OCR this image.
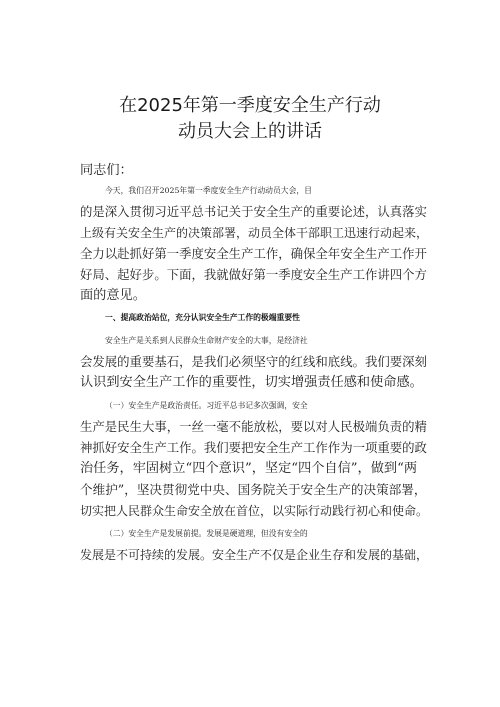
在2025年第一季度安全生产行动
动员大会上的讲话
同志们：
今天，我们召开2025年第一季度安全生产行动动员大会，目
的是深入贯彻习近平总书记关于安全生产的重要论述，认真落实
上级有关安全生产的决策部署，动员全体干部职工迅速行动起来，
全力以赴抓好第一季度安全生产工作，确保全年安全生产工作开
好局、起好步。下面，我就做好第一季度安全生产工作讲四个方
面的意见。
一、提高政治站位，充分认识安全生产工作的极端重要性
安全生产是关系到人民群众生命财产安全的大事，是经济社
会发展的重要基石，是我们必须坚守的红线和底线。我们要深刻
认识到安全生产工作的重要性，切实增强责任感和使命感。
（一）安全生产是政治责任。习近平总书记多次强调，安全
生产是民生大事，一丝一毫不能放松，要以对人民极端负责的精
神抓好安全生产工作。我们要把安全生产工作作为一项重要的政
治任务，牢固树立“四个意识”，坚定“四个自信”，做到“两
个维护”，坚决贯彻党中央、国务院关于安全生产的决策部署，
切实把人民群众生命安全放在首位，以实际行动践行初心和使命。
（二）安全生产是发展前提。发展是硬道理，但没有安全的
发展是不可持续的发展。安全生产不仅是企业生存和发展的基础，
